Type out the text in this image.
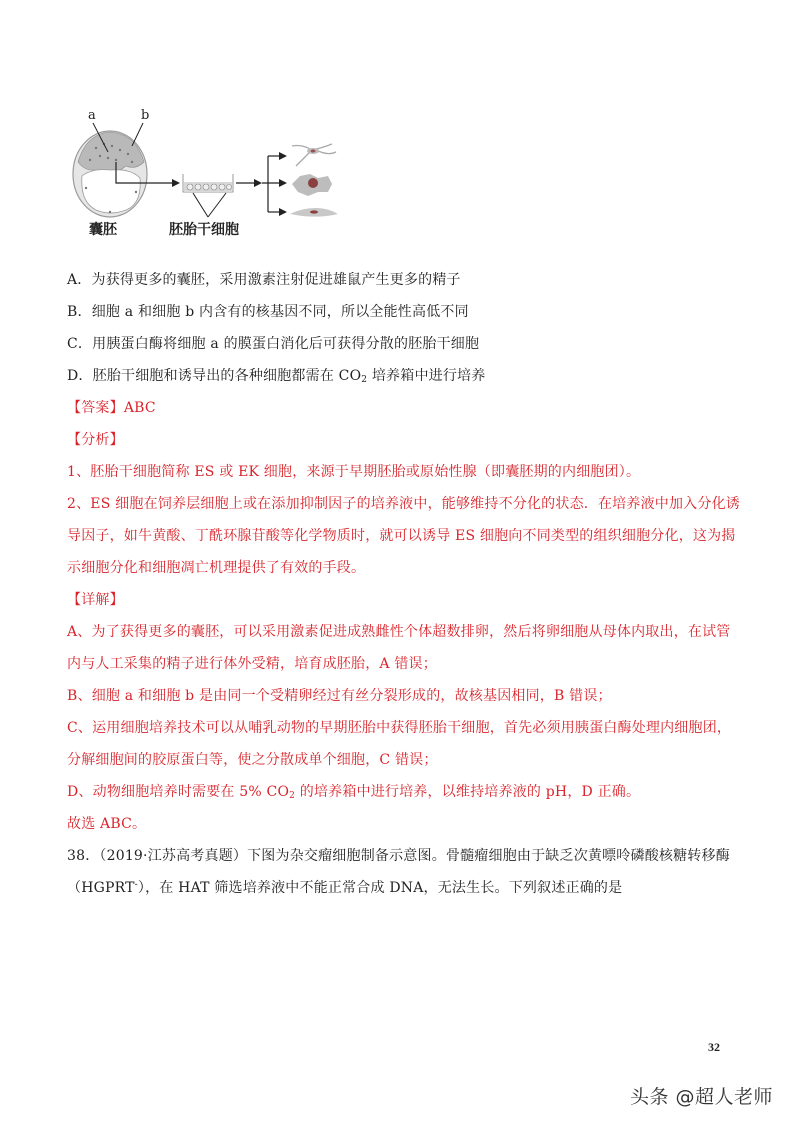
a	b
囊胚	胚胎干细胞
A．为获得更多的囊胚，采用激素注射促进雄鼠产生更多的精子
B．细胞 a 和细胞 b 内含有的核基因不同，所以全能性高低不同
C．用胰蛋白酶将细胞 a 的膜蛋白消化后可获得分散的胚胎干细胞
D．胚胎干细胞和诱导出的各种细胞都需在 $CO_2$ 培养箱中进行培养
【答案】ABC
【分析】
1、胚胎干细胞简称 ES 或 EK 细胞，来源于早期胚胎或原始性腺（即囊胚期的内细胞团）。
2、ES 细胞在饲养层细胞上或在添加抑制因子的培养液中，能够维持不分化的状态．在培养液中加入分化诱
导因子，如牛黄酸、丁酰环腺苷酸等化学物质时，就可以诱导 ES 细胞向不同类型的组织细胞分化，这为揭
示细胞分化和细胞凋亡机理提供了有效的手段。
【详解】
A、为了获得更多的囊胚，可以采用激素促进成熟雌性个体超数排卵，然后将卵细胞从母体内取出，在试管
内与人工采集的精子进行体外受精，培育成胚胎，A 错误；
B、细胞 a 和细胞 b 是由同一个受精卵经过有丝分裂形成的，故核基因相同，B 错误；
C、运用细胞培养技术可以从哺乳动物的早期胚胎中获得胚胎干细胞，首先必须用胰蛋白酶处理内细胞团，
分解细胞间的胶原蛋白等，使之分散成单个细胞，C 错误；
D、动物细胞培养时需要在 5% $CO_2$ 的培养箱中进行培养，以维持培养液的 pH，D 正确。
故选 ABC。
38．（2019·江苏高考真题）下图为杂交瘤细胞制备示意图。骨髓瘤细胞由于缺乏次黄嘌呤磷酸核糖转移酶
（HGPRT-），在 HAT 筛选培养液中不能正常合成 DNA，无法生长。下列叙述正确的是
32
头条 @超人老师
